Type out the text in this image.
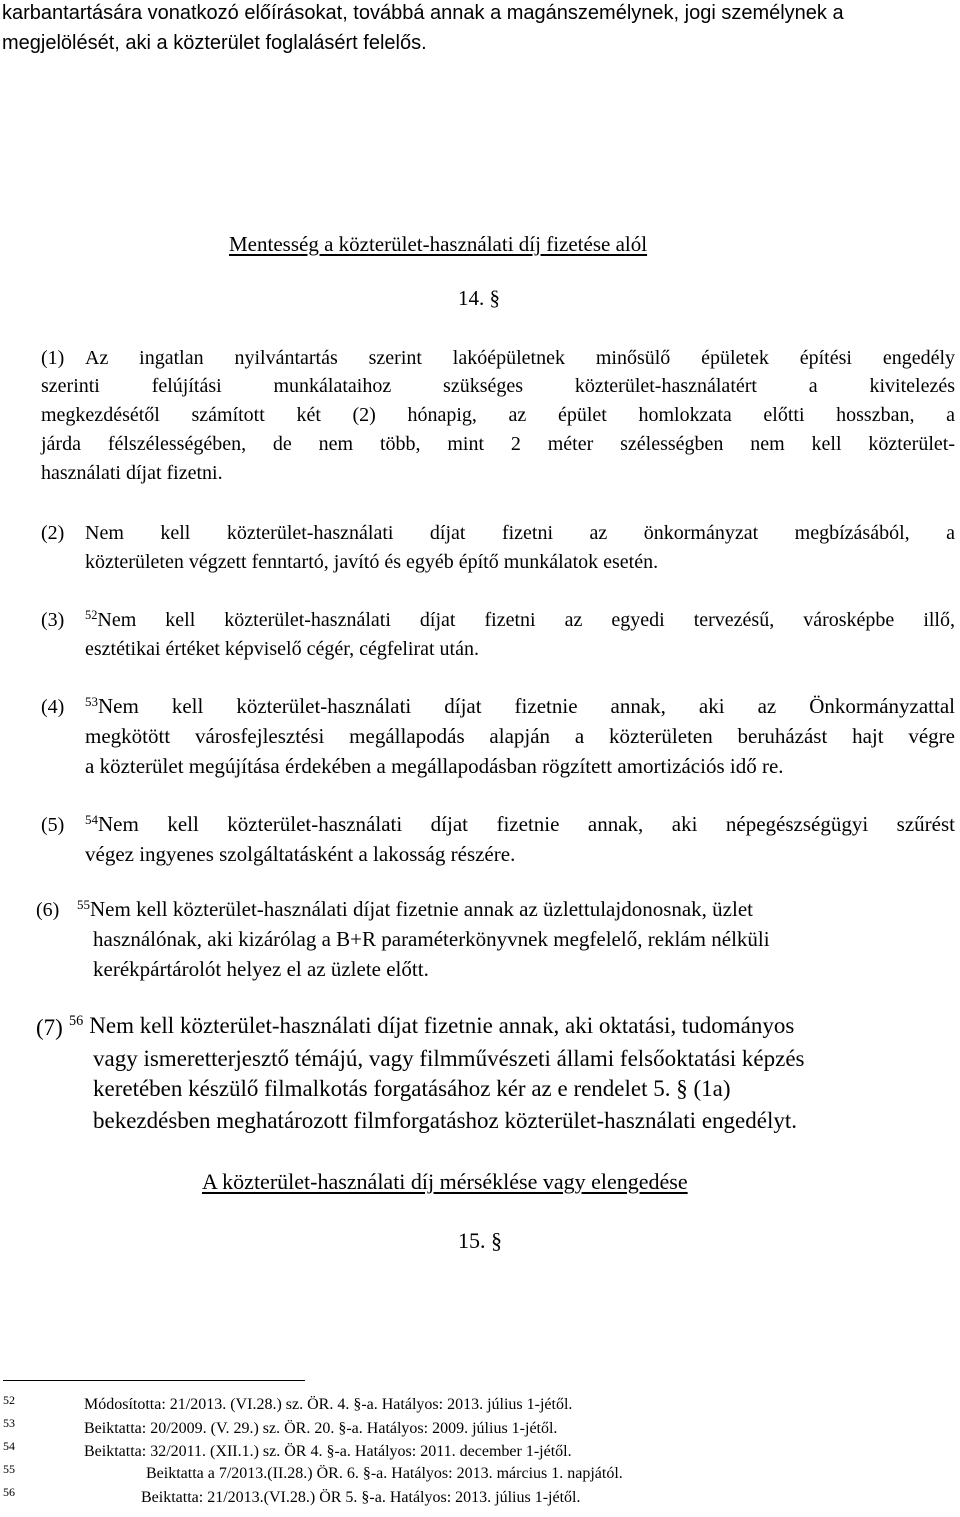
karbantartására vonatkozó előírásokat, továbbá annak a magánszemélynek, jogi személynek a
megjelölését, aki a közterület foglalásért felelős.
Mentesség a közterület-használati díj fizetése alól
14. §
(1) Az ingatlan nyilvántartás szerint lakóépületnek minősülő épületek építési engedély
szerinti felújítási munkálataihoz szükséges közterület-használatért a kivitelezés
megkezdésétől számított két (2) hónapig, az épület homlokzata előtti hosszban, a
járda félszélességében, de nem több, mint 2 méter szélességben nem kell közterület-
használati díjat fizetni.
(2) Nem kell közterület-használati díjat fizetni az önkormányzat megbízásából, a
közterületen végzett fenntartó, javító és egyéb építő munkálatok esetén.
(3) $^{52}$Nem kell közterület-használati díjat fizetni az egyedi tervezésű, városképbe illő,
esztétikai értéket képviselő cégér, cégfelirat után.
(4) $^{53}$Nem kell közterület-használati díjat fizetnie annak, aki az Önkormányzattal
megkötött városfejlesztési megállapodás alapján a közterületen beruházást hajt végre
a közterület megújítása érdekében a megállapodásban rögzített amortizációs idő re.
(5) $^{54}$Nem kell közterület-használati díjat fizetnie annak, aki népegészségügyi szűrést
végez ingyenes szolgáltatásként a lakosság részére.
(6) $^{55}$Nem kell közterület-használati díjat fizetnie annak az üzlettulajdonosnak, üzlet
használónak, aki kizárólag a B+R paraméterkönyvnek megfelelő, reklám nélküli
kerékpártárolót helyez el az üzlete előtt.
(7) $^{56}$ Nem kell közterület-használati díjat fizetnie annak, aki oktatási, tudományos
vagy ismeretterjesztő témájú, vagy filmművészeti állami felsőoktatási képzés
keretében készülő filmalkotás forgatásához kér az e rendelet 5. § (1a)
bekezdésben meghatározott filmforgatáshoz közterület-használati engedélyt.
A közterület-használati díj mérséklése vagy elengedése
15. §
52	Módosította: 21/2013. (VI.28.) sz. ÖR. 4. §-a. Hatályos: 2013. július 1-jétől.
53	Beiktatta: 20/2009. (V. 29.) sz. ÖR. 20. §-a. Hatályos: 2009. július 1-jétől.
54	Beiktatta: 32/2011. (XII.1.) sz. ÖR 4. §-a. Hatályos: 2011. december 1-jétől.
55	Beiktatta a 7/2013.(II.28.) ÖR. 6. §-a. Hatályos: 2013. március 1. napjától.
56	Beiktatta: 21/2013.(VI.28.) ÖR 5. §-a. Hatályos: 2013. július 1-jétől.
